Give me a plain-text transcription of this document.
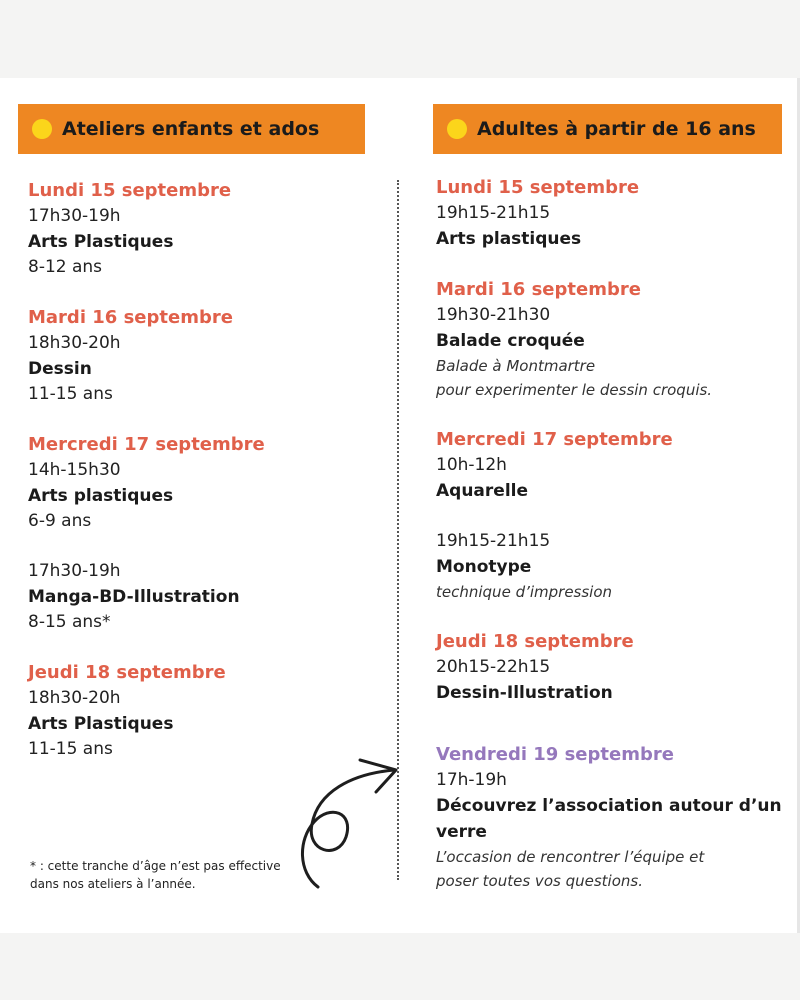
Ateliers enfants et ados	Adultes à partir de 16 ans
Lundi 15 septembre
17h30-19h
Arts Plastiques
8-12 ans
Mardi 16 septembre
18h30-20h
Dessin
11-15 ans
Mercredi 17 septembre
14h-15h30
Arts plastiques
6-9 ans
17h30-19h
Manga-BD-Illustration
8-15 ans*
Jeudi 18 septembre
18h30-20h
Arts Plastiques
11-15 ans
Lundi 15 septembre
19h15-21h15
Arts plastiques
Mardi 16 septembre
19h30-21h30
Balade croquée
Balade à Montmartre
pour experimenter le dessin croquis.
Mercredi 17 septembre
10h-12h
Aquarelle
19h15-21h15
Monotype
technique d’impression
Jeudi 18 septembre
20h15-22h15
Dessin-Illustration
Vendredi 19 septembre
17h-19h
Découvrez l’association autour d’un verre
L’occasion de rencontrer l’équipe et
poser toutes vos questions.
* : cette tranche d’âge n’est pas effective dans nos ateliers à l’année.
